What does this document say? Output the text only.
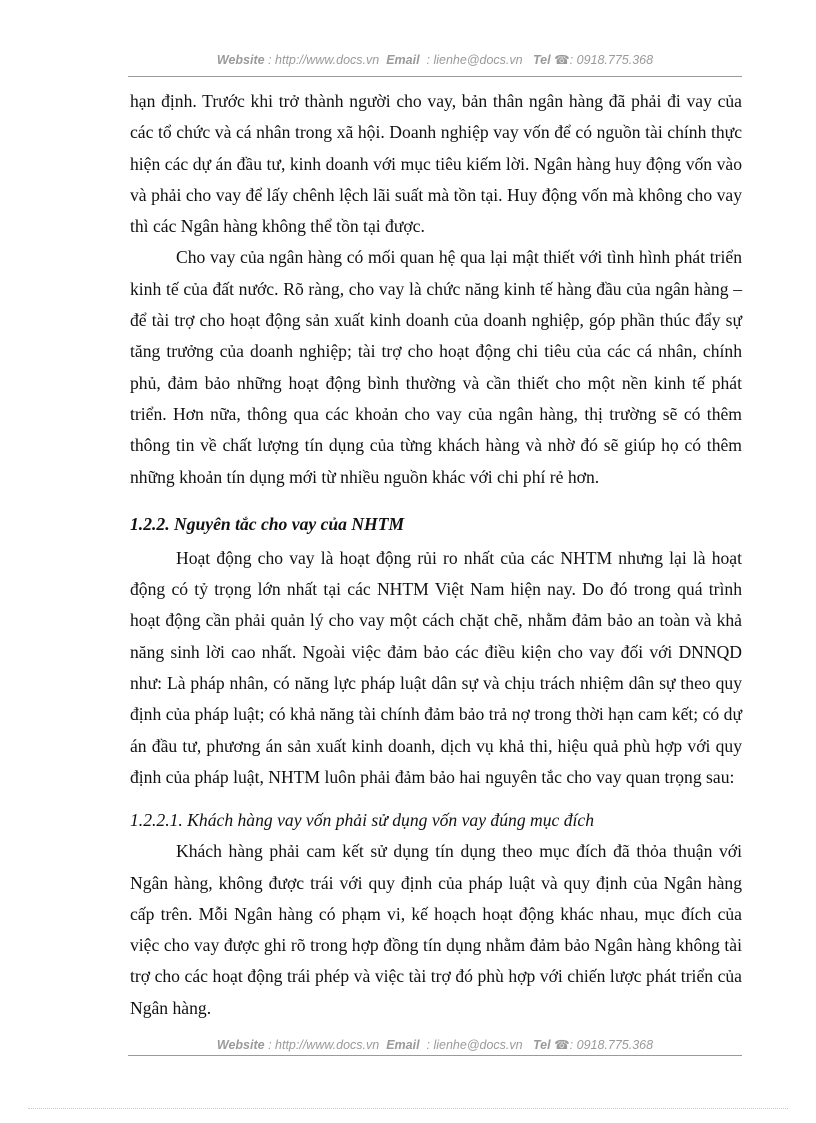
Website : http://www.docs.vn Email : lienhe@docs.vn Tel ☎: 0918.775.368

hạn định. Trước khi trở thành người cho vay, bản thân ngân hàng đã phải đi vay của các tổ chức và cá nhân trong xã hội. Doanh nghiệp vay vốn để có nguồn tài chính thực hiện các dự án đầu tư, kinh doanh với mục tiêu kiếm lời. Ngân hàng huy động vốn vào và phải cho vay để lấy chênh lệch lãi suất mà tồn tại. Huy động vốn mà không cho vay thì các Ngân hàng không thể tồn tại được.

Cho vay của ngân hàng có mối quan hệ qua lại mật thiết với tình hình phát triển kinh tế của đất nước. Rõ ràng, cho vay là chức năng kinh tế hàng đầu của ngân hàng – để tài trợ cho hoạt động sản xuất kinh doanh của doanh nghiệp, góp phần thúc đẩy sự tăng trưởng của doanh nghiệp; tài trợ cho hoạt động chi tiêu của các cá nhân, chính phủ, đảm bảo những hoạt động bình thường và cần thiết cho một nền kinh tế phát triển. Hơn nữa, thông qua các khoản cho vay của ngân hàng, thị trường sẽ có thêm thông tin về chất lượng tín dụng của từng khách hàng và nhờ đó sẽ giúp họ có thêm những khoản tín dụng mới từ nhiều nguồn khác với chi phí rẻ hơn.

1.2.2. Nguyên tắc cho vay của NHTM

Hoạt động cho vay là hoạt động rủi ro nhất của các NHTM nhưng lại là hoạt động có tỷ trọng lớn nhất tại các NHTM Việt Nam hiện nay. Do đó trong quá trình hoạt động cần phải quản lý cho vay một cách chặt chẽ, nhằm đảm bảo an toàn và khả năng sinh lời cao nhất. Ngoài việc đảm bảo các điều kiện cho vay đối với DNNQD như: Là pháp nhân, có năng lực pháp luật dân sự và chịu trách nhiệm dân sự theo quy định của pháp luật; có khả năng tài chính đảm bảo trả nợ trong thời hạn cam kết; có dự án đầu tư, phương án sản xuất kinh doanh, dịch vụ khả thi, hiệu quả phù hợp với quy định của pháp luật, NHTM luôn phải đảm bảo hai nguyên tắc cho vay quan trọng sau:

1.2.2.1. Khách hàng vay vốn phải sử dụng vốn vay đúng mục đích

Khách hàng phải cam kết sử dụng tín dụng theo mục đích đã thỏa thuận với Ngân hàng, không được trái với quy định của pháp luật và quy định của Ngân hàng cấp trên. Mỗi Ngân hàng có phạm vi, kế hoạch hoạt động khác nhau, mục đích của việc cho vay được ghi rõ trong hợp đồng tín dụng nhằm đảm bảo Ngân hàng không tài trợ cho các hoạt động trái phép và việc tài trợ đó phù hợp với chiến lược phát triển của Ngân hàng.

Website : http://www.docs.vn Email : lienhe@docs.vn Tel ☎: 0918.775.368
